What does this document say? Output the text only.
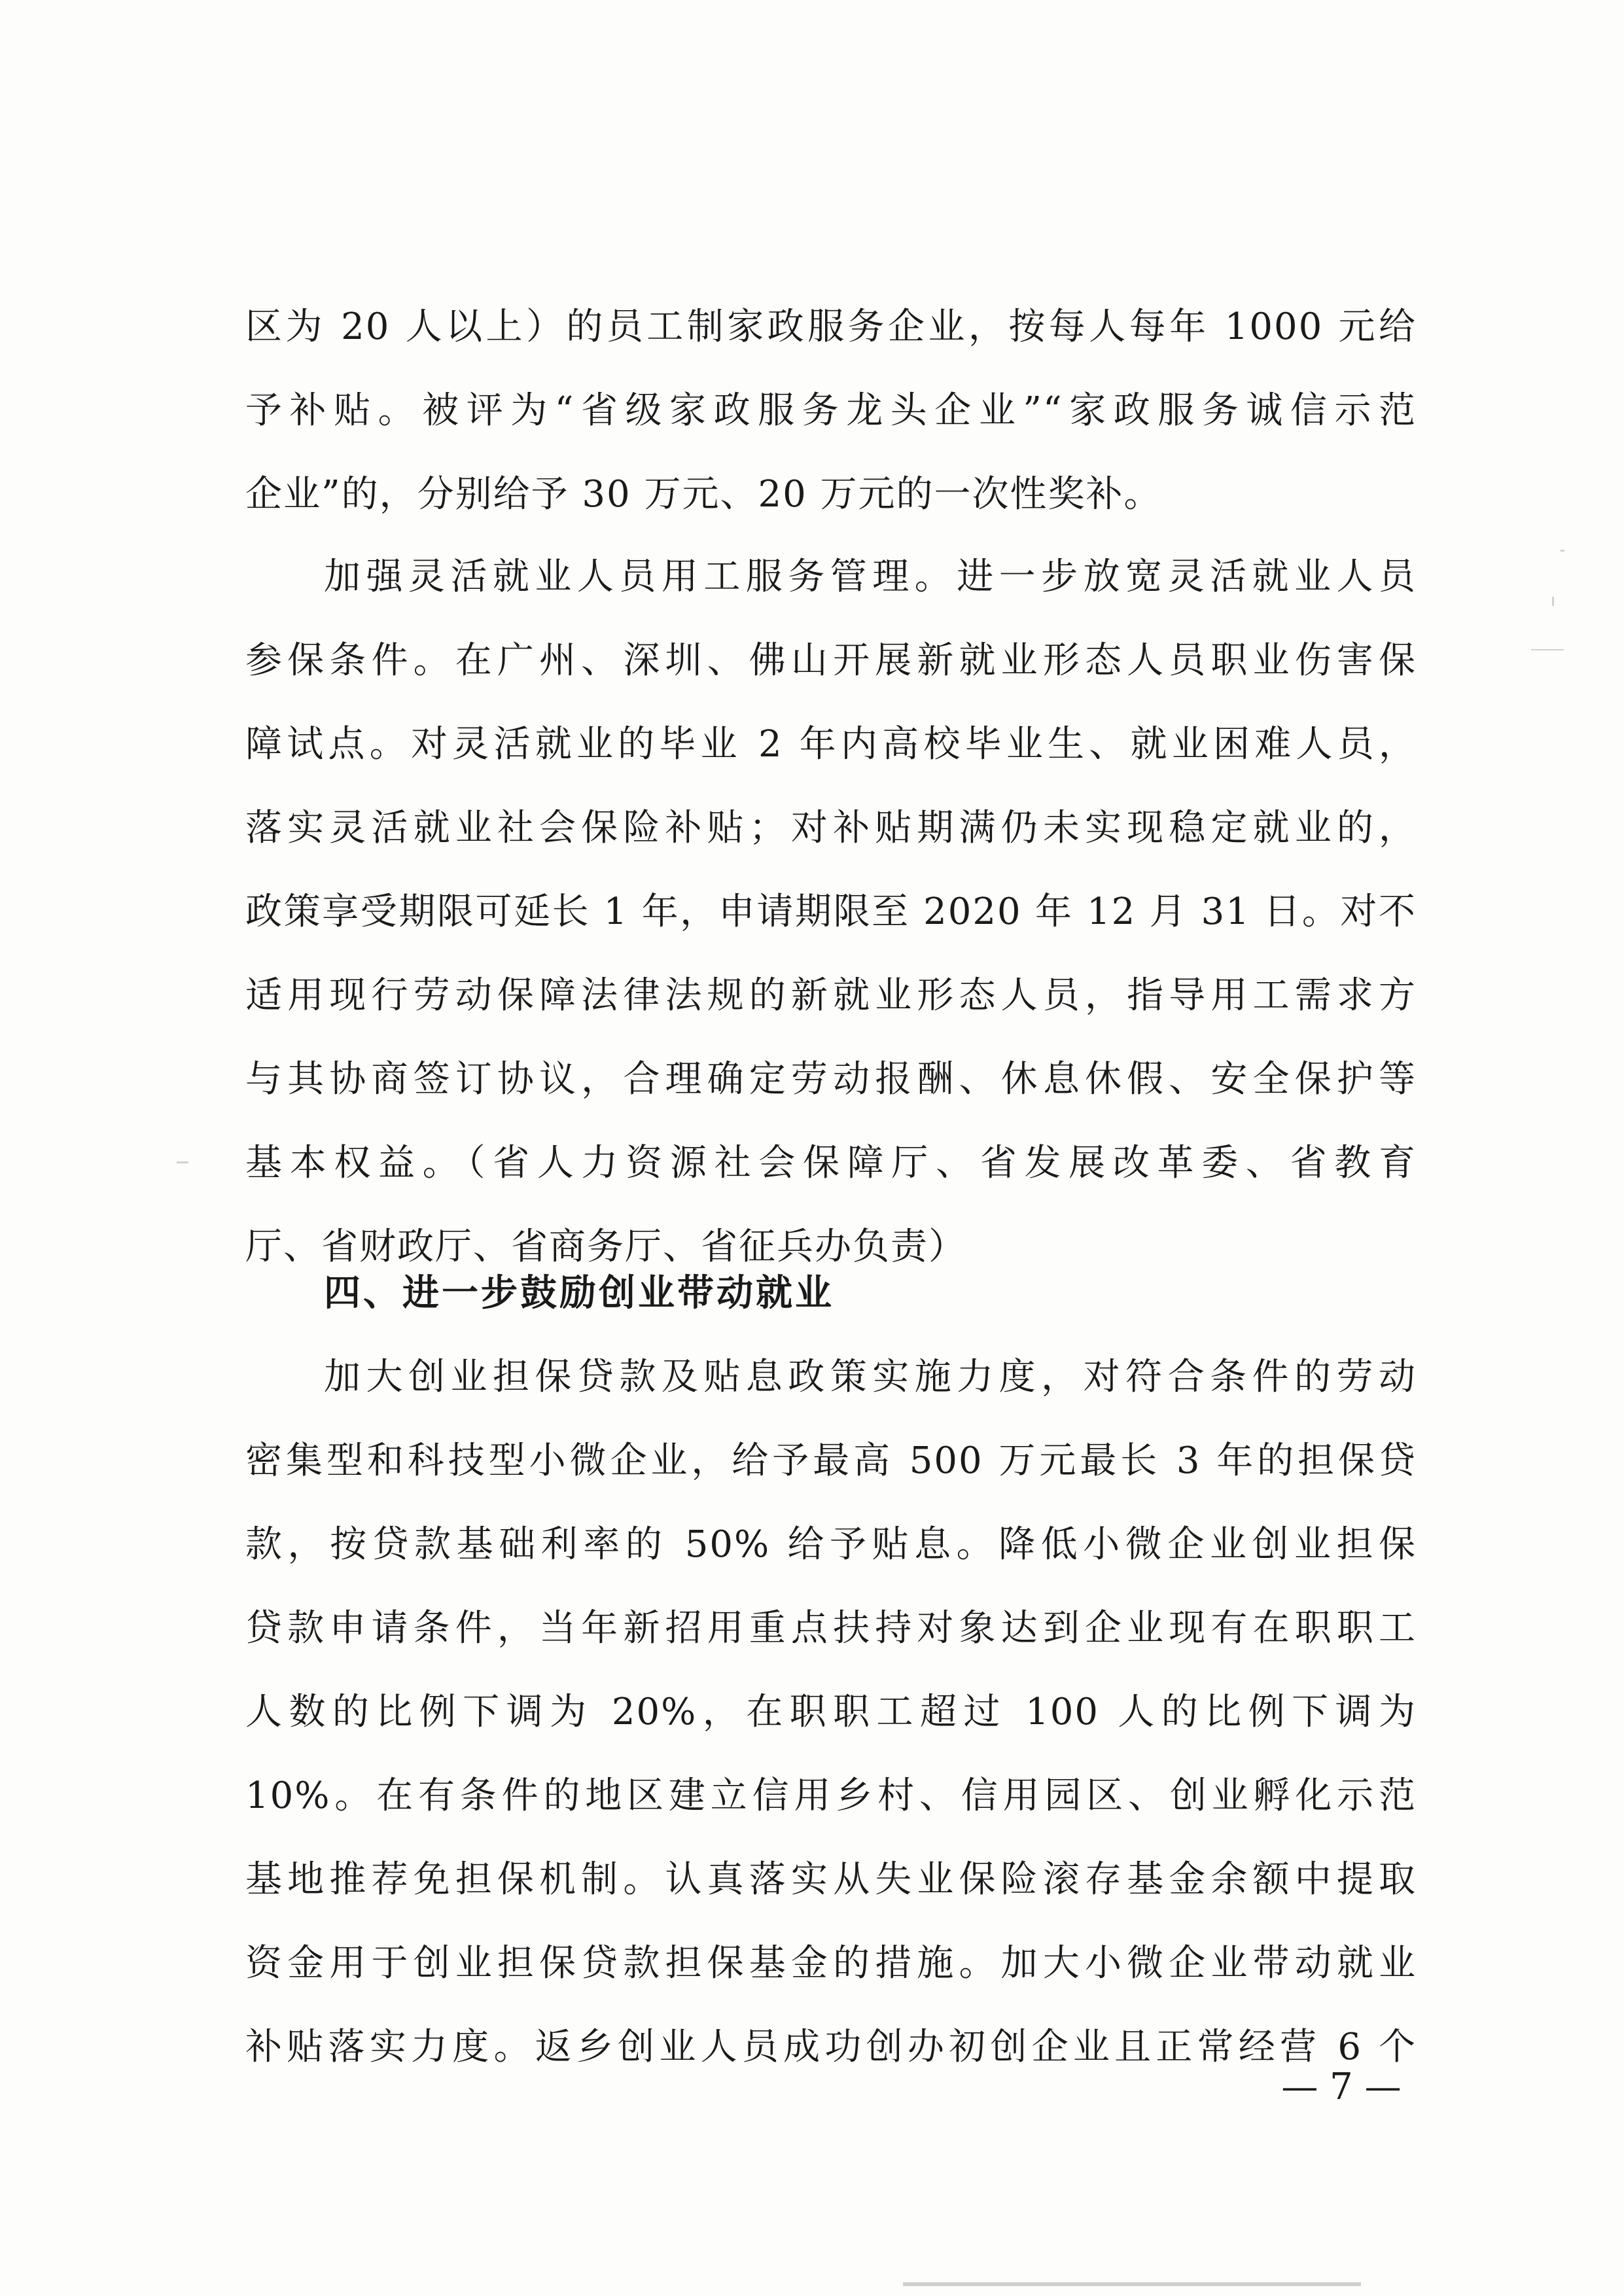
区为 20 人以上）的员工制家政服务企业，按每人每年 1000 元给
予补贴。被评为“省级家政服务龙头企业”“家政服务诚信示范
企业”的，分别给予 30 万元、20 万元的一次性奖补。
加强灵活就业人员用工服务管理。进一步放宽灵活就业人员
参保条件。在广州、深圳、佛山开展新就业形态人员职业伤害保
障试点。对灵活就业的毕业 2 年内高校毕业生、就业困难人员，
落实灵活就业社会保险补贴；对补贴期满仍未实现稳定就业的，
政策享受期限可延长 1 年，申请期限至 2020 年 12 月 31 日。对不
适用现行劳动保障法律法规的新就业形态人员，指导用工需求方
与其协商签订协议，合理确定劳动报酬、休息休假、安全保护等
基本权益。（省人力资源社会保障厅、省发展改革委、省教育
厅、省财政厅、省商务厅、省征兵办负责）
四、进一步鼓励创业带动就业
加大创业担保贷款及贴息政策实施力度，对符合条件的劳动
密集型和科技型小微企业，给予最高 500 万元最长 3 年的担保贷
款，按贷款基础利率的 50% 给予贴息。降低小微企业创业担保
贷款申请条件，当年新招用重点扶持对象达到企业现有在职职工
人数的比例下调为 20%，在职职工超过 100 人的比例下调为
10%。在有条件的地区建立信用乡村、信用园区、创业孵化示范
基地推荐免担保机制。认真落实从失业保险滚存基金余额中提取
资金用于创业担保贷款担保基金的措施。加大小微企业带动就业
补贴落实力度。返乡创业人员成功创办初创企业且正常经营 6 个
— 7 —
